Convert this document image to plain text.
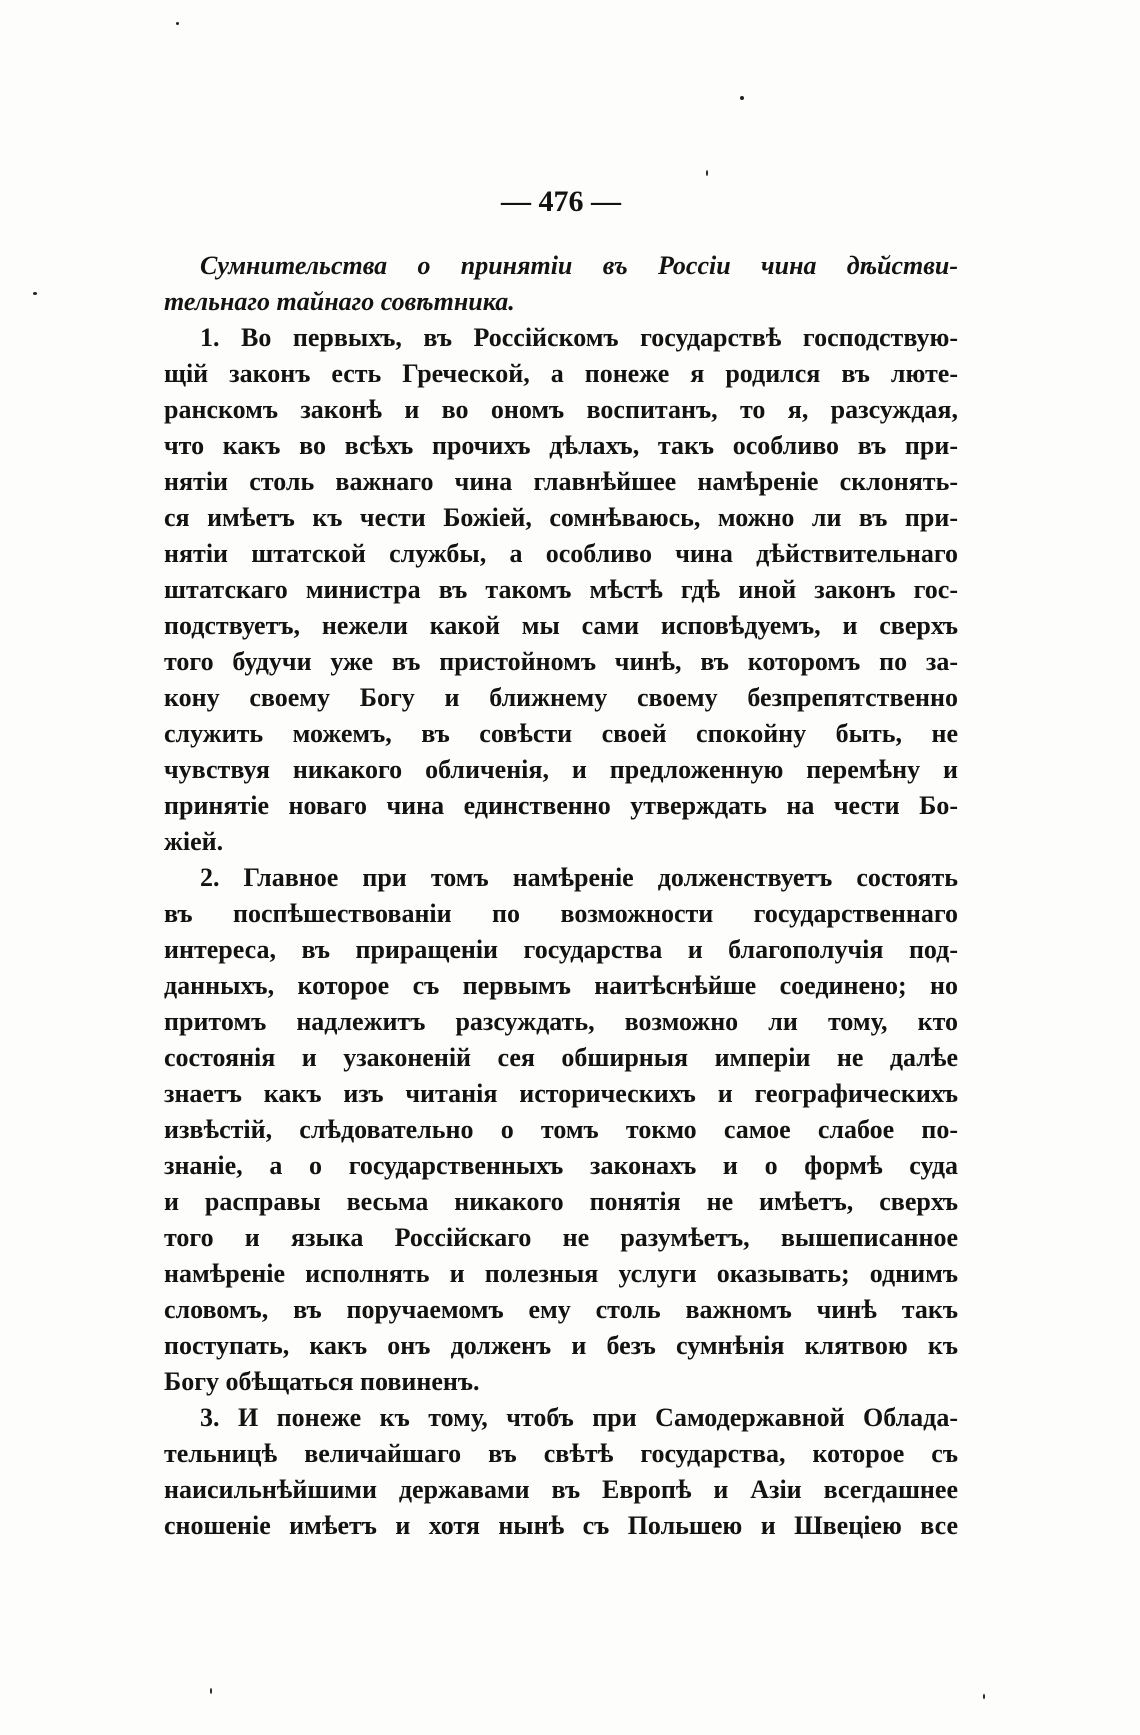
— 476 —
Сумнительства о принятіи въ Россіи чина дѣйстви-
тельнаго тайнаго совѣтника.
1. Во первыхъ, въ Россійскомъ государствѣ господствую-
щій законъ есть Греческой, а понеже я родился въ люте-
ранскомъ законѣ и во ономъ воспитанъ, то я, разсуждая,
что какъ во всѣхъ прочихъ дѣлахъ, такъ особливо въ при-
нятіи столь важнаго чина главнѣйшее намѣреніе склонять-
ся имѣетъ къ чести Божіей, сомнѣваюсь, можно ли въ при-
нятіи штатской службы, а особливо чина дѣйствительнаго
штатскаго министра въ такомъ мѣстѣ гдѣ иной законъ гос-
подствуетъ, нежели какой мы сами исповѣдуемъ, и сверхъ
того будучи уже въ пристойномъ чинѣ, въ которомъ по за-
кону своему Богу и ближнему своему безпрепятственно
служить можемъ, въ совѣсти своей спокойну быть, не
чувствуя никакого обличенія, и предложенную перемѣну и
принятіе новаго чина единственно утверждать на чести Бо-
жіей.
2. Главное при томъ намѣреніе долженствуетъ состоять
въ поспѣшествованіи по возможности государственнаго
интереса, въ приращеніи государства и благополучія под-
данныхъ, которое съ первымъ наитѣснѣйше соединено; но
притомъ надлежитъ разсуждать, возможно ли тому, кто
состоянія и узаконеній сея обширныя имперіи не далѣе
знаетъ какъ изъ читанія историческихъ и географическихъ
извѣстій, слѣдовательно о томъ токмо самое слабое по-
знаніе, а о государственныхъ законахъ и о формѣ суда
и расправы весьма никакого понятія не имѣетъ, сверхъ
того и языка Россійскаго не разумѣетъ, вышеписанное
намѣреніе исполнять и полезныя услуги оказывать; однимъ
словомъ, въ поручаемомъ ему столь важномъ чинѣ такъ
поступать, какъ онъ долженъ и безъ сумнѣнія клятвою къ
Богу обѣщаться повиненъ.
3. И понеже къ тому, чтобъ при Самодержавной Облада-
тельницѣ величайшаго въ свѣтѣ государства, которое съ
наисильнѣйшими державами въ Европѣ и Азіи всегдашнее
сношеніе имѣетъ и хотя нынѣ съ Польшею и Швеціею все
